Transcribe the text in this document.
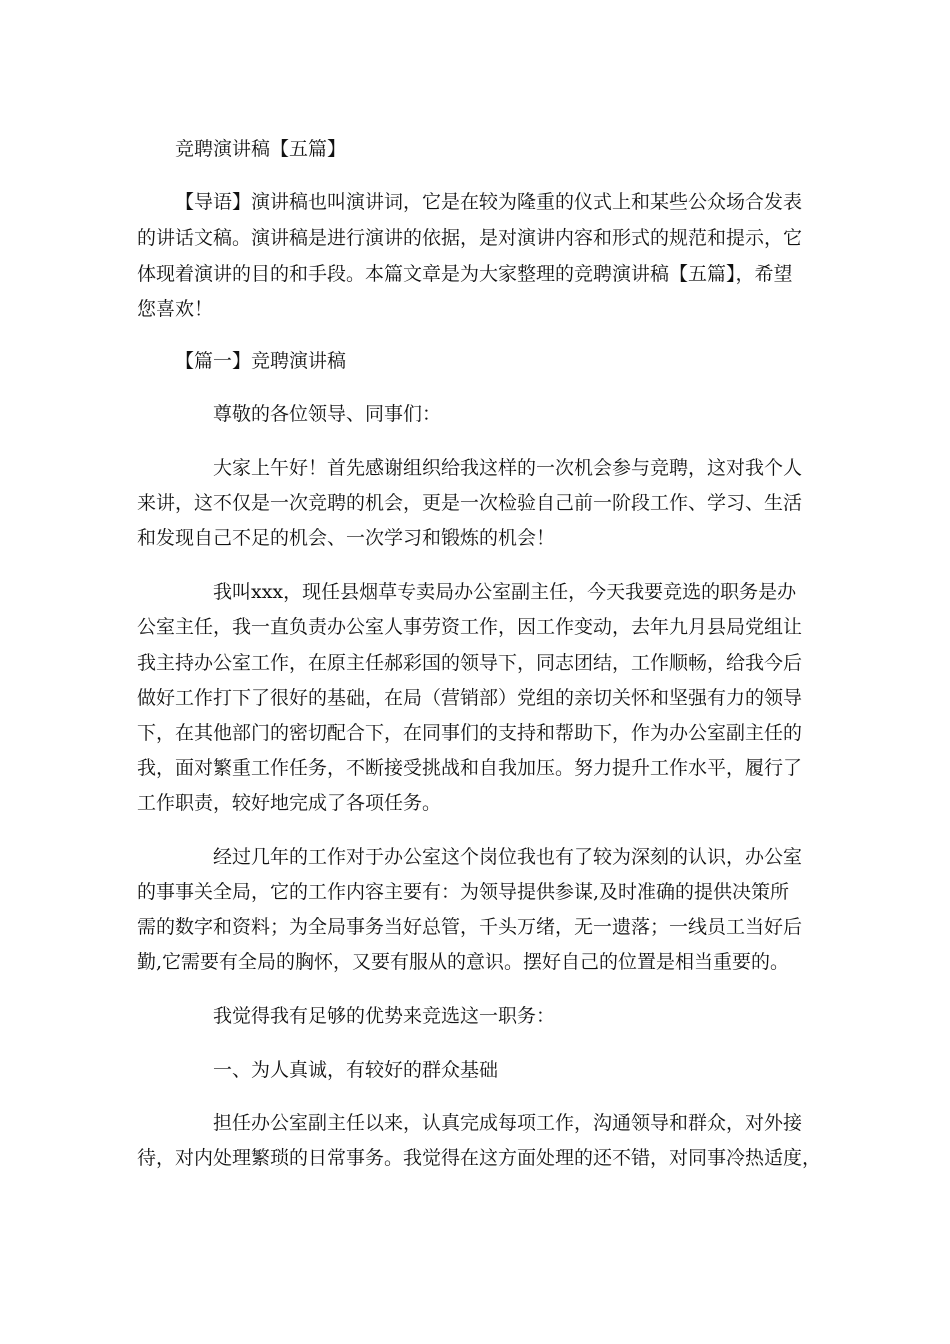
竞聘演讲稿【五篇】
【导语】演讲稿也叫演讲词，它是在较为隆重的仪式上和某些公众场合发表
的讲话文稿。演讲稿是进行演讲的依据，是对演讲内容和形式的规范和提示，它
体现着演讲的目的和手段。本篇文章是为大家整理的竞聘演讲稿【五篇】，希望
您喜欢！
【篇一】竞聘演讲稿
尊敬的各位领导、同事们：
大家上午好！首先感谢组织给我这样的一次机会参与竞聘，这对我个人
来讲，这不仅是一次竞聘的机会，更是一次检验自己前一阶段工作、学习、生活
和发现自己不足的机会、一次学习和锻炼的机会！
我叫xxx，现任县烟草专卖局办公室副主任，今天我要竞选的职务是办
公室主任，我一直负责办公室人事劳资工作，因工作变动，去年九月县局党组让
我主持办公室工作，在原主任郝彩国的领导下，同志团结，工作顺畅，给我今后
做好工作打下了很好的基础，在局（营销部）党组的亲切关怀和坚强有力的领导
下，在其他部门的密切配合下，在同事们的支持和帮助下，作为办公室副主任的
我，面对繁重工作任务，不断接受挑战和自我加压。努力提升工作水平，履行了
工作职责，较好地完成了各项任务。
经过几年的工作对于办公室这个岗位我也有了较为深刻的认识，办公室
的事事关全局，它的工作内容主要有：为领导提供参谋,及时准确的提供决策所
需的数字和资料；为全局事务当好总管，千头万绪，无一遗落；一线员工当好后
勤,它需要有全局的胸怀，又要有服从的意识。摆好自己的位置是相当重要的。
我觉得我有足够的优势来竞选这一职务：
一、为人真诚，有较好的群众基础
担任办公室副主任以来，认真完成每项工作，沟通领导和群众，对外接
待，对内处理繁琐的日常事务。我觉得在这方面处理的还不错，对同事冷热适度，
